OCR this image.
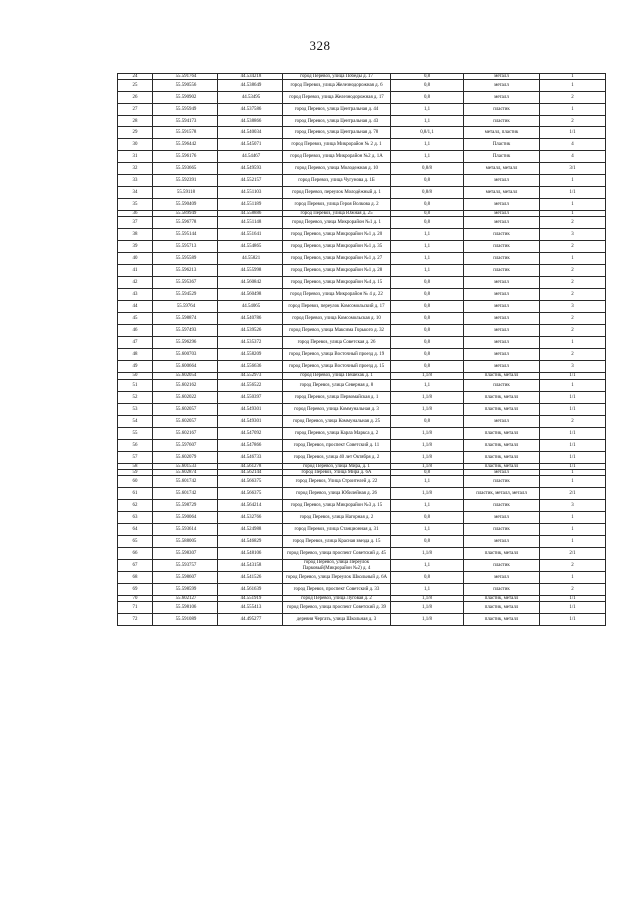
328
24	55.591764	44.534218	город Перевоз, улица Победы д. 17	0,8	металл	1
25	55.590556	44.538649	город Перевоз, улица Железнодорожная д. 6	0,8	металл	1
26	55.590902	44.53495	город Перевоз, улица Железнодорожная д. 17	0,8	металл	2
27	55.595949	44.537586	город Перевоз, улица Центральная д. 44	1,1	пластик	1
28	55.594173	44.538866	город Перевоз, улица Центральная д. 43	1,1	пластик	2
29	55.591578	44.540034	город Перевоз, улица Центральная д. 78	0,8/1,1	металл, пластик	1/1
30	55.596442	44.545071	город Перевоз, улица Микрорайон № 2 д. 1	1,1	Пластик	4
31	55.596176	44.54467	город Перевоз, улица Микрорайон №2 д. 1А	1,1	Пластик	4
32	55.593665	44.549593	город Перевоз, улица Молодежная д. 10	0,8/8	металл, металл	3/1
33	55.592391	44.552157	город Перевоз, улица Чугунова д. 1Б	0,8	металл	1
34	55.59118	44.551103	город Перевоз, переулок Молодёжный д. 1	0,8/8	металл, металл	1/1
35	55.590409	44.551189	город Перевоз, улица Героя Волкова д. 2	0,8	металл	1
36	55.589949	44.558886	город Перевоз, улица Южная д. 25	0,8	металл	1
37	55.596778	44.551148	город Перевоз, улица Микрорайон №1 д. 1	0,8	металл	2
38	55.595144	44.551641	город Перевоз, улица Микрорайон №1 д. 20	1,1	пластик	3
39	55.595713	44.554865	город Перевоз, улица Микрорайон №1 д. 35	1,1	пластик	2
40	55.595589	44.55821	город Перевоз, улица Микрорайон №1 д. 27	1,1	пластик	1
41	55.596213	44.555998	город Перевоз, улица Микрорайон №1 д. 28	1,1	пластик	2
42	55.595367	44.560842	город Перевоз, улица Микрорайон №4 д. 15	0,8	металл	2
43	55.594529	44.560498	город Перевоз, улица Микрорайон № 4 д. 22	0,8	металл	2
44	55.59764	44.54065	город Перевоз, переулок Комсомольский д. 17	0,8	металл	3
45	55.598874	44.540786	город Перевоз, улица Комсомольская д. 10	0,8	металл	2
46	55.597493	44.539526	город Перевоз, улица Максима Горького д. 32	0,8	металл	2
47	55.596296	44.535372	город Перевоз, улица Советская д. 26	0,8	металл	1
48	55.600703	44.558209	город Перевоз, улица Восточный проезд д. 19	0,8	металл	2
49	55.600664	44.556636	город Перевоз, улица Восточный проезд д. 15	0,8	металл	3
50	55.602054	44.552973	город Перевоз, улица Пешехак д. 1	1,1/8	пластик, металл	1/1
51	55.602162	44.556522	город Перевоз, улица Северная д. 8	1,1	пластик	1
52	55.602022	44.550397	город Перевоз, улица Первомайская д. 1	1,1/8	пластик, металл	1/1
53	55.602057	44.549301	город Перевоз, улица Коммунальная д. 3	1,1/8	пластик, металл	1/1
54	55.602057	44.549301	город Перевоз, улица Коммунальная д. 25	0,8	металл	2
55	55.602167	44.547092	город Перевоз, улица Карла Маркса д. 2	1,1/8	пластик, металл	1/1
56	55.597607	44.547866	город Перевоз, проспект Советский д. 11	1,1/8	пластик, металл	1/1
57	55.602079	44.546733	город Перевоз, улица 40 лет Октября д. 2	1,1/8	пластик, металл	1/1
58	55.601533	44.561278	город Перевоз, улица Мира, д. 1	1,1/8	пластик, металл	1/1
59	55.602874	44.562144	город Перевоз, Улица Мира д. 6А	0,8	металл	1
60	55.601742	44.566375	город Перевоз, Улица Строителей д. 22	1,1	пластик	1
61	55.601742	44.566375	город Перевоз, улица Юбилейная д. 26	1,1/8	пластик, металл, металл	2/1
62	55.598729	44.564214	город Перевоз, улица Микрорайон №3 д. 15	1,1	пластик	3
63	55.590064	44.532766	город Перевоз, улица Нагорная д. 2	0,8	металл	1
64	55.593614	44.524988	город Перевоз, улица Станционная д. 31	1,1	пластик	1
65	55.588005	44.546829	город Перевоз, улица Красная звезда д. 15	0,8	металл	1
66	55.598307	44.548106	город Перевоз, улица проспект Советский д. 45	1,1/8	пластик, металл	2/1
67	55.593757	44.543158	город Перевоз, улица Переулок Парковый(Микрорайон №2) д. 4	1,1	пластик	2
68	55.598607	44.541526	город Перевоз, улица Переулок Школьный д. 6А	0,8	металл	1
69	55.598599	44.561639	город Перевоз, проспект Советский д. 33	1,1	пластик	2
70	55.602127	44.551919	город Перевоз, улица Луговая д. 2	1,1/8	пластик, металл	1/1
71	55.598106	44.555413	город Перевоз, улица проспект Советский д. 39	1,1/8	пластик, металл	1/1
72	55.591089	44.495277	деревня Чергать, улица Школьная д. 3	1,1/8	пластик, металл	1/1
